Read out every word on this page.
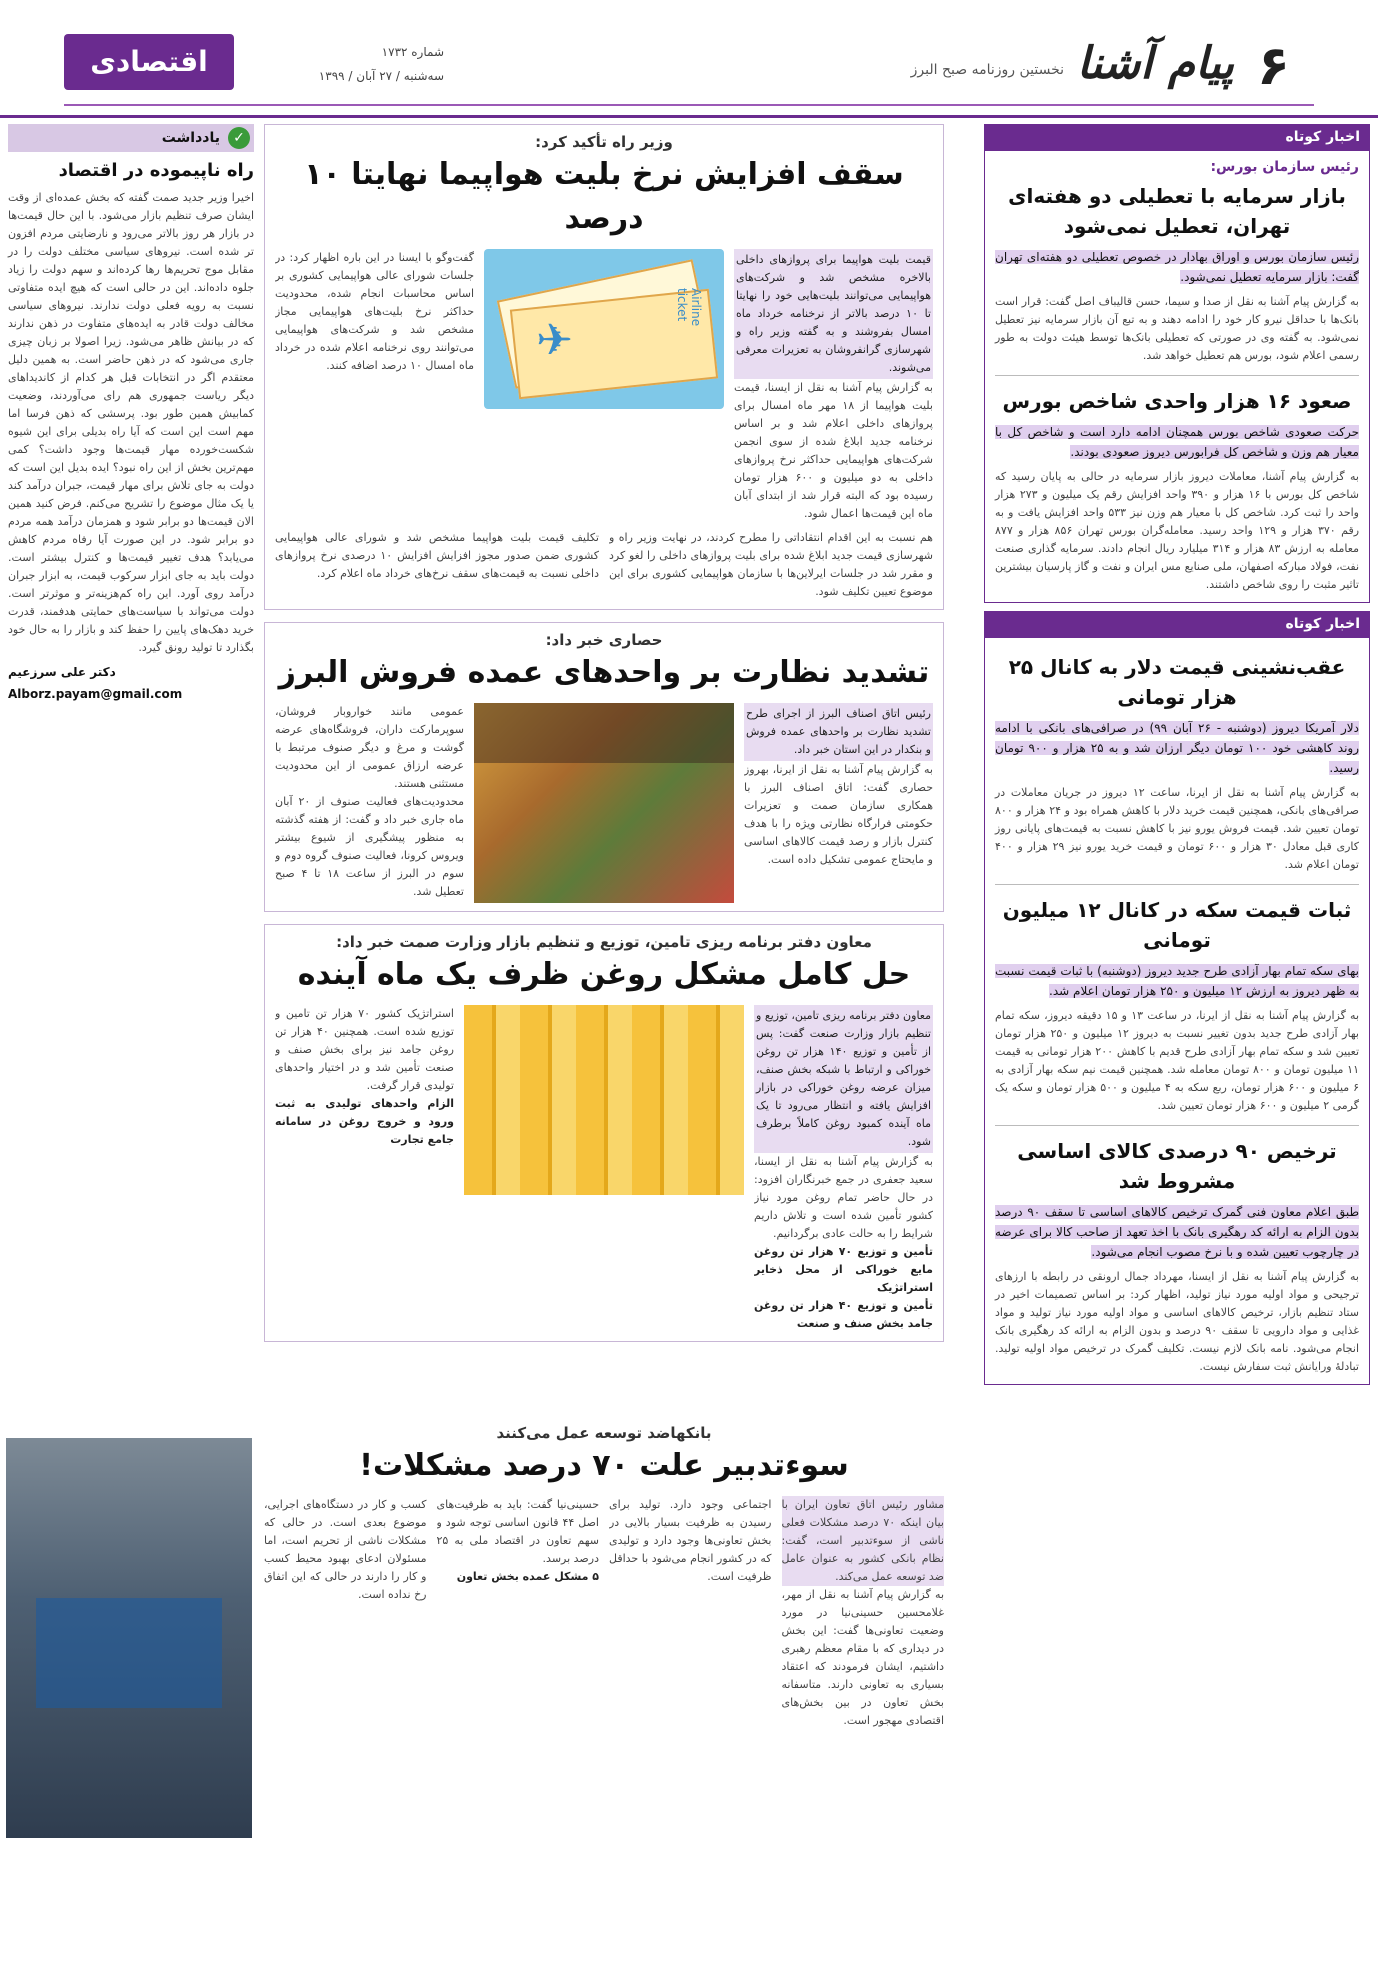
۶
پیام آشنا
نخستین روزنامه صبح البرز
شماره ۱۷۳۲
سه‌شنبه / ۲۷ آبان / ۱۳۹۹
اقتصادی
اخبار کوتاه
رئیس سازمان بورس:
بازار سرمایه با تعطیلی دو هفته‌ای تهران، تعطیل نمی‌شود
رئیس سازمان بورس و اوراق بهادار در خصوص تعطیلی دو هفته‌ای تهران گفت: بازار سرمایه تعطیل نمی‌شود.
به گزارش پیام آشنا به نقل از صدا و سیما، حسن قالیباف اصل گفت: قرار است بانک‌ها با حداقل نیرو کار خود را ادامه دهند و به تبع آن بازار سرمایه نیز تعطیل نمی‌شود. به گفته وی در صورتی که تعطیلی بانک‌ها توسط هیئت دولت به طور رسمی اعلام شود، بورس هم تعطیل خواهد شد.
صعود ۱۶ هزار واحدی شاخص بورس
حرکت صعودی شاخص بورس همچنان ادامه دارد است و شاخص کل با معیار هم وزن و شاخص کل فرابورس دیروز صعودی بودند.
به گزارش پیام آشنا، معاملات دیروز بازار سرمایه در حالی به پایان رسید که شاخص کل بورس با ۱۶ هزار و ۳۹۰ واحد افزایش رقم یک میلیون و ۲۷۳ هزار واحد را ثبت کرد. شاخص کل با معیار هم وزن نیز ۵۳۳ واحد افزایش یافت و به رقم ۳۷۰ هزار و ۱۲۹ واحد رسید. معامله‌گران بورس تهران ۸۵۶ هزار و ۸۷۷ معامله به ارزش ۸۳ هزار و ۳۱۴ میلیارد ریال انجام دادند. سرمایه گذاری صنعت نفت، فولاد مبارکه اصفهان، ملی صنایع مس ایران و نفت و گاز پارسیان بیشترین تاثیر مثبت را روی شاخص داشتند.
اخبار کوتاه
عقب‌نشینی قیمت دلار به کانال ۲۵ هزار تومانی
دلار آمریکا دیروز (دوشنبه - ۲۶ آبان ۹۹) در صرافی‌های بانکی با ادامه روند کاهشی خود ۱۰۰ تومان دیگر ارزان شد و به ۲۵ هزار و ۹۰۰ تومان رسید.
به گزارش پیام آشنا به نقل از ایرنا، ساعت ۱۲ دیروز در جریان معاملات در صرافی‌های بانکی، همچنین قیمت خرید دلار با کاهش همراه بود و ۲۴ هزار و ۸۰۰ تومان تعیین شد. قیمت فروش یورو نیز با کاهش نسبت به قیمت‌های پایانی روز کاری قبل معادل ۳۰ هزار و ۶۰۰ تومان و قیمت خرید یورو نیز ۲۹ هزار و ۴۰۰ تومان اعلام شد.
ثبات قیمت سکه در کانال ۱۲ میلیون تومانی
بهای سکه تمام بهار آزادی طرح جدید دیروز (دوشنبه) با ثبات قیمت نسبت به ظهر دیروز به ارزش ۱۲ میلیون و ۲۵۰ هزار تومان اعلام شد.
به گزارش پیام آشنا به نقل از ایرنا، در ساعت ۱۳ و ۱۵ دقیقه دیروز، سکه تمام بهار آزادی طرح جدید بدون تغییر نسبت به دیروز ۱۲ میلیون و ۲۵۰ هزار تومان تعیین شد و سکه تمام بهار آزادی طرح قدیم با کاهش ۲۰۰ هزار تومانی به قیمت ۱۱ میلیون تومان و ۸۰۰ تومان معامله شد. همچنین قیمت نیم سکه بهار آزادی به ۶ میلیون و ۶۰۰ هزار تومان، ربع سکه به ۴ میلیون و ۵۰۰ هزار تومان و سکه یک گرمی ۲ میلیون و ۶۰۰ هزار تومان تعیین شد.
ترخیص ۹۰ درصدی کالای اساسی مشروط شد
طبق اعلام معاون فنی گمرک ترخیص کالاهای اساسی تا سقف ۹۰ درصد بدون الزام به ارائه کد رهگیری بانک با اخذ تعهد از صاحب کالا برای عرضه در چارچوب تعیین شده و با نرخ مصوب انجام می‌شود.
به گزارش پیام آشنا به نقل از ایسنا، مهرداد جمال ارونقی در رابطه با ارزهای ترجیحی و مواد اولیه مورد نیاز تولید، اظهار کرد: بر اساس تصمیمات اخیر در ستاد تنظیم بازار، ترخیص کالاهای اساسی و مواد اولیه مورد نیاز تولید و مواد غذایی و مواد دارویی تا سقف ۹۰ درصد و بدون الزام به ارائه کد رهگیری بانک انجام می‌شود. نامه بانک لازم نیست. تکلیف گمرک در ترخیص مواد اولیه تولید. تبادلۀ ورایانش ثبت سفارش نیست.
وزیر راه تأکید کرد:
سقف افزایش نرخ بلیت هواپیما نهایتا ۱۰ درصد
قیمت بلیت هواپیما برای پروازهای داخلی بالاخره مشخص شد و شرکت‌های هواپیمایی می‌توانند بلیت‌هایی خود را نهایتا تا ۱۰ درصد بالاتر از نرخنامه خرداد ماه امسال بفروشند و به گفته وزیر راه و شهرسازی گرانفروشان به تعزیرات معرفی می‌شوند.
به گزارش پیام آشنا به نقل از ایسنا، قیمت بلیت هواپیما از ۱۸ مهر ماه امسال برای پروازهای داخلی اعلام شد و بر اساس نرخنامه جدید ابلاغ شده از سوی انجمن شرکت‌های هواپیمایی حداکثر نرخ پروازهای داخلی به دو میلیون و ۶۰۰ هزار تومان رسیده بود که البته قرار شد از ابتدای آبان ماه این قیمت‌ها اعمال شود.
✈
Airline ticket
گفت‌وگو با ایسنا در این باره اظهار کرد: در جلسات شورای عالی هواپیمایی کشوری بر اساس محاسبات انجام شده، محدودیت حداکثر نرخ بلیت‌های هواپیمایی مجاز مشخص شد و شرکت‌های هواپیمایی می‌توانند روی نرخنامه اعلام شده در خرداد ماه امسال ۱۰ درصد اضافه کنند.
هم نسبت به این اقدام انتقاداتی را مطرح کردند، در نهایت وزیر راه و شهرسازی قیمت جدید ابلاغ شده برای بلیت پروازهای داخلی را لغو کرد و مقرر شد در جلسات ایرلاین‌ها با سازمان هواپیمایی کشوری برای این موضوع تعیین تکلیف شود.
تکلیف قیمت بلیت هواپیما مشخص شد و شورای عالی هواپیمایی کشوری ضمن صدور مجوز افزایش افزایش ۱۰ درصدی نرخ پروازهای داخلی نسبت به قیمت‌های سقف نرخ‌های خرداد ماه اعلام کرد.
حصاری خبر داد:
تشدید نظارت بر واحدهای عمده فروش البرز
رئیس اتاق اصناف البرز از اجرای طرح تشدید نظارت بر واحدهای عمده فروش و بنکدار در این استان خبر داد.
به گزارش پیام آشنا به نقل از ایرنا، بهروز حصاری گفت: اتاق اصناف البرز با همکاری سازمان صمت و تعزیرات حکومتی فرارگاه نظارتی ویژه را با هدف کنترل بازار و رصد قیمت کالاهای اساسی و مایحتاج عمومی تشکیل داده است.
عمومی مانند خواروبار فروشان، سوپرمارکت داران، فروشگاه‌های عرضه گوشت و مرغ و دیگر صنوف مرتبط با عرضه ارزاق عمومی از این محدودیت مستثنی هستند.
محدودیت‌های فعالیت صنوف از ۲۰ آبان ماه جاری خبر داد و گفت: از هفته گذشته به منظور پیشگیری از شیوع بیشتر ویروس کرونا، فعالیت صنوف گروه دوم و سوم در البرز از ساعت ۱۸ تا ۴ صبح تعطیل شد.
معاون دفتر برنامه ریزی تامین، توزیع و تنظیم بازار وزارت صمت خبر داد:
حل کامل مشکل روغن ظرف یک ماه آینده
معاون دفتر برنامه ریزی تامین، توزیع و تنظیم بازار وزارت صنعت گفت: پس از تأمین و توزیع ۱۴۰ هزار تن روغن خوراکی و ارتباط با شبکه بخش صنف، میزان عرضه روغن خوراکی در بازار افزایش یافته و انتظار می‌رود تا یک ماه آینده کمبود روغن کاملاً برطرف شود.
به گزارش پیام آشنا به نقل از ایسنا، سعید جعفری در جمع خبرنگاران افزود: در حال حاضر تمام روغن مورد نیاز کشور تأمین شده است و تلاش داریم شرایط را به حالت عادی برگردانیم.
تأمین و توزیع ۷۰ هزار تن روغن مایع خوراکی از محل ذخایر استراتژیک
تأمین و توزیع ۴۰ هزار تن روغن جامد بخش صنف و صنعت
استراتژیک کشور ۷۰ هزار تن تامین و توزیع شده است. همچنین ۴۰ هزار تن روغن جامد نیز برای بخش صنف و صنعت تأمین شد و در اختیار واحدهای تولیدی قرار گرفت.
الزام واحدهای تولیدی به ثبت ورود و خروج روغن در سامانه جامع تجارت
✓
یادداشت
راه ناپیموده در اقتصاد
اخیرا وزیر جدید صمت گفته که بخش عمده‌ای از وقت ایشان صرف تنظیم بازار می‌شود. با این حال قیمت‌ها در بازار هر روز بالاتر می‌رود و نارضایتی مردم افزون تر شده است. نیروهای سیاسی مختلف دولت را در مقابل موج تحریم‌ها رها کرده‌اند و سهم دولت را زیاد جلوه داده‌اند. این در حالی است که هیچ ایده متفاوتی نسبت به رویه فعلی دولت ندارند. نیروهای سیاسی مخالف دولت قادر به ایده‌های متفاوت در ذهن ندارند که در بیانش ظاهر می‌شود. زیرا اصولا بر زبان چیزی جاری می‌شود که در ذهن حاضر است. به همین دلیل معتقدم اگر در انتخابات قبل هر کدام از کاندیداهای دیگر ریاست جمهوری هم رای می‌آوردند، وضعیت کمابیش همین طور بود. پرسشی که ذهن فرسا اما مهم است این است که آیا راه بدیلی برای این شیوه شکست‌خورده مهار قیمت‌ها وجود داشت؟ کمی مهم‌ترین بخش از این راه نبود؟ ایده بدیل این است که دولت به جای تلاش برای مهار قیمت، جبران درآمد کند یا یک مثال موضوع را تشریح می‌کنم. فرض کنید همین الان قیمت‌ها دو برابر شود و همزمان درآمد همه مردم دو برابر شود. در این صورت آیا رفاه مردم کاهش می‌یابد؟ هدف تغییر قیمت‌ها و کنترل بیشتر است. دولت باید به جای ابزار سرکوب قیمت، به ابزار جبران درآمد روی آورد. این راه کم‌هزینه‌تر و موثرتر است. دولت می‌تواند با سیاست‌های حمایتی هدفمند، قدرت خرید دهک‌های پایین را حفظ کند و بازار را به حال خود بگذارد تا تولید رونق گیرد.
دکتر علی سرزعیم
Alborz.payam@gmail.com
بانکهاضد توسعه عمل می‌کنند
سوءتدبیر علت ۷۰ درصد مشکلات!
مشاور رئیس اتاق تعاون ایران با بیان اینکه ۷۰ درصد مشکلات فعلی ناشی از سوءتدبیر است، گفت: نظام بانکی کشور به عنوان عامل ضد توسعه عمل می‌کند.
به گزارش پیام آشنا به نقل از مهر، غلامحسین حسینی‌نیا در مورد وضعیت تعاونی‌ها گفت: این بخش در دیداری که با مقام معظم رهبری داشتیم، ایشان فرمودند که اعتقاد بسیاری به تعاونی دارند. متاسفانه بخش تعاون در بین بخش‌های اقتصادی مهجور است.
اجتماعی وجود دارد. تولید برای رسیدن به ظرفیت بسیار بالایی در بخش تعاونی‌ها وجود دارد و تولیدی که در کشور انجام می‌شود با حداقل ظرفیت است.
حسینی‌نیا گفت: باید به ظرفیت‌های اصل ۴۴ قانون اساسی توجه شود و سهم تعاون در اقتصاد ملی به ۲۵ درصد برسد.
۵ مشکل عمده بخش تعاون
کسب و کار در دستگاه‌های اجرایی، موضوع بعدی است. در حالی که مشکلات ناشی از تحریم است، اما مسئولان ادعای بهبود محیط کسب و کار را دارند در حالی که این اتفاق رخ نداده است.
